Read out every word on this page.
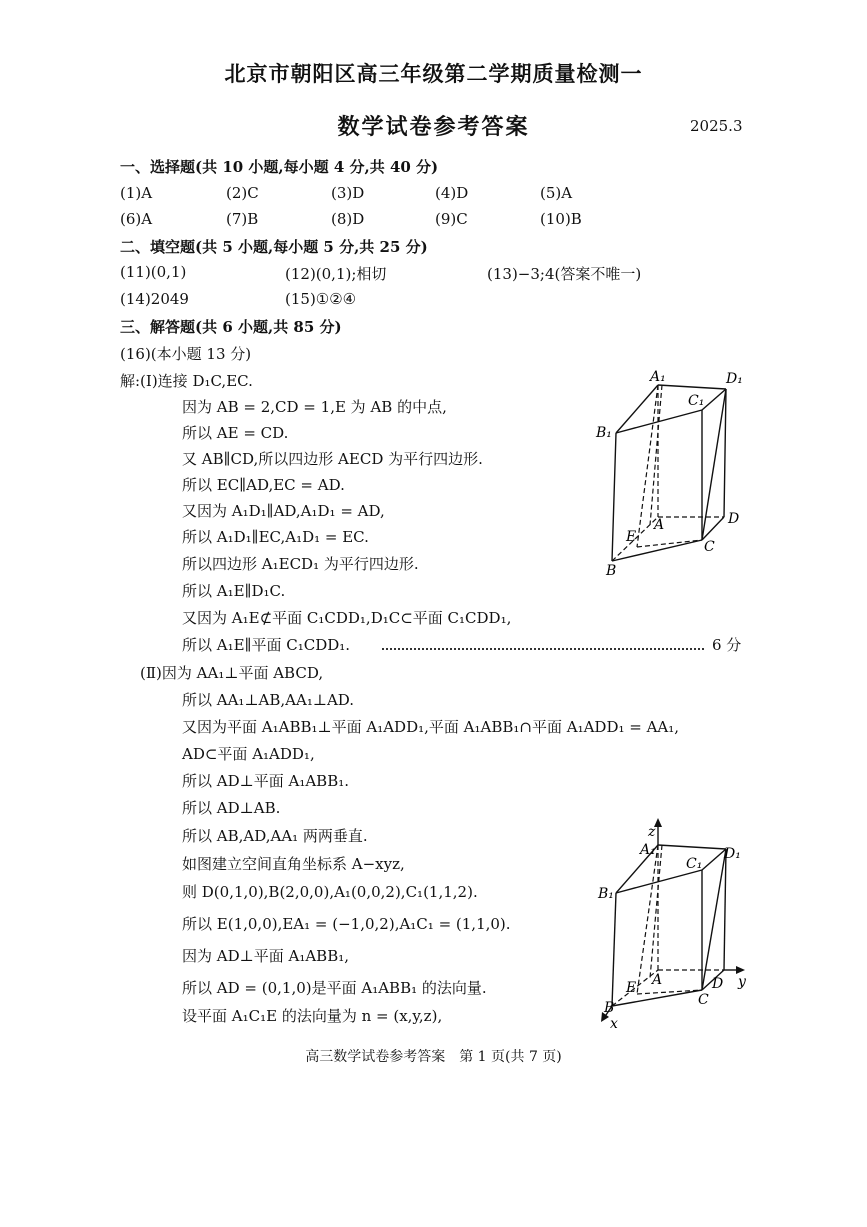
北京市朝阳区高三年级第二学期质量检测一
数学试卷参考答案	2025.3
一、选择题(共 10 小题,每小题 4 分,共 40 分)
(1)A	(2)C	(3)D	(4)D	(5)A
(6)A	(7)B	(8)D	(9)C	(10)B
二、填空题(共 5 小题,每小题 5 分,共 25 分)
(11)(0,1)	(12)(0,1);相切	(13)−3;4(答案不唯一)
(14)2049	(15)①②④
三、解答题(共 6 小题,共 85 分)
(16)(本小题 13 分)
解:(Ⅰ)连接 D₁C,EC.
因为 AB = 2,CD = 1,E 为 AB 的中点,
所以 AE = CD.
又 AB∥CD,所以四边形 AECD 为平行四边形.
所以 EC∥AD,EC = AD.
又因为 A₁D₁∥AD,A₁D₁ = AD,
所以 A₁D₁∥EC,A₁D₁ = EC.
所以四边形 A₁ECD₁ 为平行四边形.
所以 A₁E∥D₁C.
又因为 A₁E⊄平面 C₁CDD₁,D₁C⊂平面 C₁CDD₁,
所以 A₁E∥平面 C₁CDD₁.	6 分
(Ⅱ)因为 AA₁⊥平面 ABCD,
所以 AA₁⊥AB,AA₁⊥AD.
又因为平面 A₁ABB₁⊥平面 A₁ADD₁,平面 A₁ABB₁∩平面 A₁ADD₁ = AA₁,
AD⊂平面 A₁ADD₁,
所以 AD⊥平面 A₁ABB₁.
所以 AD⊥AB.
所以 AB,AD,AA₁ 两两垂直.
如图建立空间直角坐标系 A−xyz,
则 D(0,1,0),B(2,0,0),A₁(0,0,2),C₁(1,1,2).
所以 E(1,0,0),EA₁ = (−1,0,2),A₁C₁ = (1,1,0).
因为 AD⊥平面 A₁ABB₁,
所以 AD = (0,1,0)是平面 A₁ABB₁ 的法向量.
设平面 A₁C₁E 的法向量为 n = (x,y,z),
A₁	D₁
C₁
B₁
A	D
E
C
B
z
A₁
C₁
D₁
B₁
A	D
E
C
B
x
y
高三数学试卷参考答案　第 1 页(共 7 页)
